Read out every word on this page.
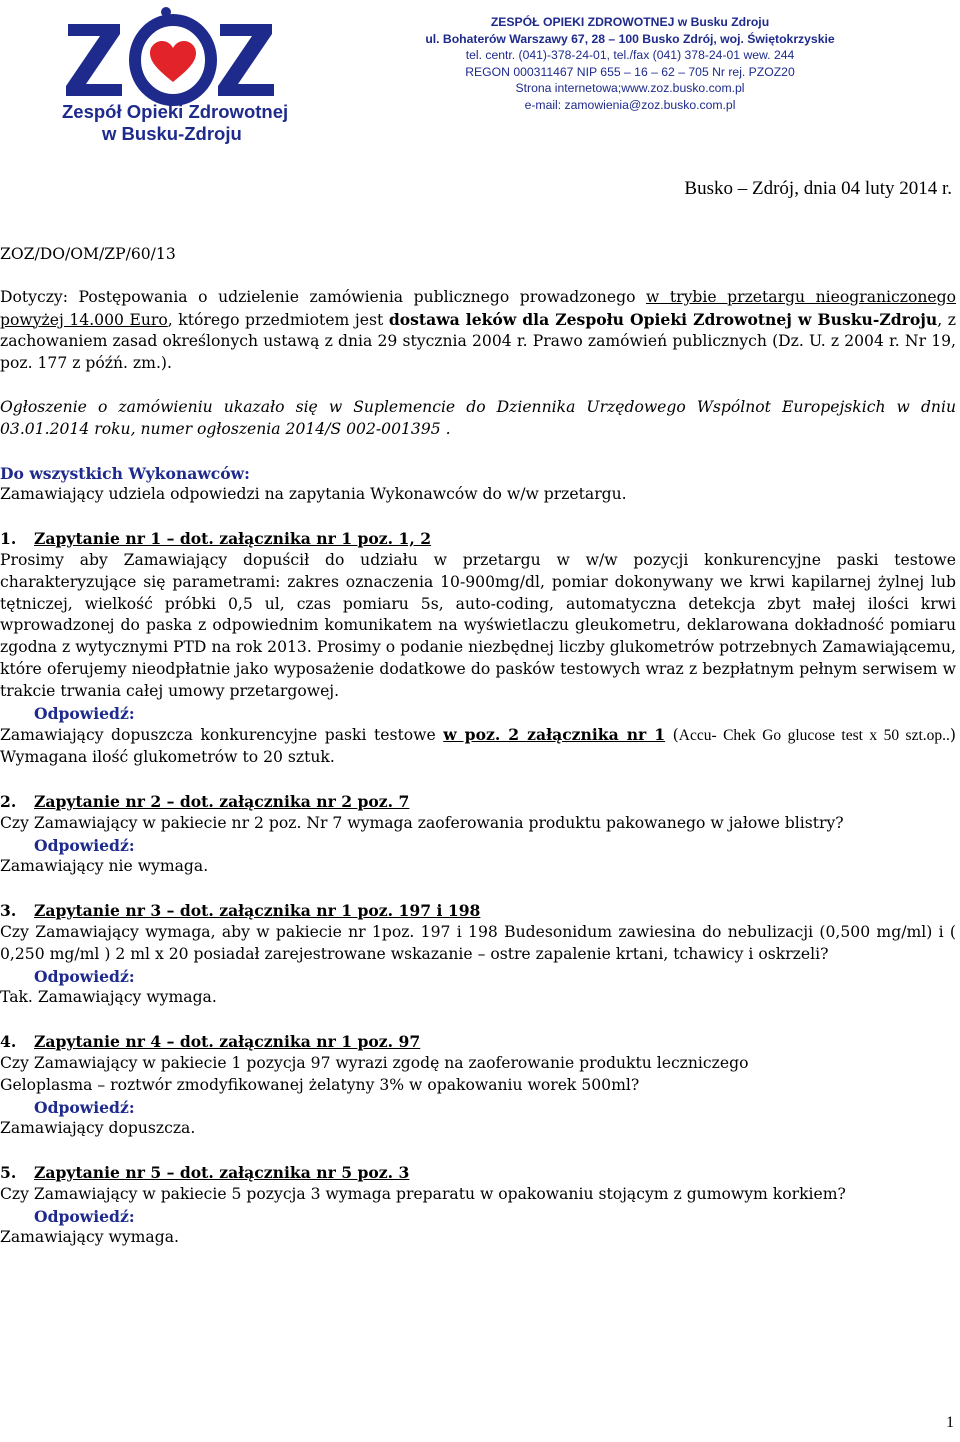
Zespół Opieki Zdrowotnej
w Busku-Zdroju
ZESPÓŁ OPIEKI ZDROWOTNEJ w Busku Zdroju
ul. Bohaterów Warszawy 67, 28 – 100 Busko Zdrój, woj. Świętokrzyskie
tel. centr. (041)-378-24-01, tel./fax (041) 378-24-01 wew. 244
REGON 000311467 NIP 655 – 16 – 62 – 705 Nr rej. PZOZ20
Strona internetowa;www.zoz.busko.com.pl
e-mail: zamowienia@zoz.busko.com.pl
Busko – Zdrój, dnia 04 luty 2014 r.

ZOZ/DO/OM/ZP/60/13

Dotyczy: Postępowania o udzielenie zamówienia publicznego prowadzonego w trybie przetargu nieograniczonego powyżej 14.000 Euro, którego przedmiotem jest dostawa leków dla Zespołu Opieki Zdrowotnej w Busku-Zdroju, z zachowaniem zasad określonych ustawą z dnia 29 stycznia 2004 r. Prawo zamówień publicznych (Dz. U. z 2004 r. Nr 19, poz. 177 z późń. zm.).

Ogłoszenie o zamówieniu ukazało się w Suplemencie do Dziennika Urzędowego Wspólnot Europejskich w dniu 03.01.2014 roku, numer ogłoszenia 2014/S 002-001395 .

Do wszystkich Wykonawców:

Zamawiający udziela odpowiedzi na zapytania Wykonawców do w/w przetargu.

1. Zapytanie nr 1 – dot. załącznika nr 1 poz. 1, 2

Prosimy aby Zamawiający dopuścił do udziału w przetargu w w/w pozycji konkurencyjne paski testowe charakteryzujące się parametrami: zakres oznaczenia 10-900mg/dl, pomiar dokonywany we krwi kapilarnej żylnej lub tętniczej, wielkość próbki 0,5 ul, czas pomiaru 5s, auto-coding, automatyczna detekcja zbyt małej ilości krwi wprowadzonej do paska z odpowiednim komunikatem na wyświetlaczu gleukometru, deklarowana dokładność pomiaru zgodna z wytycznymi PTD na rok 2013. Prosimy o podanie niezbędnej liczby glukometrów potrzebnych Zamawiającemu, które oferujemy nieodpłatnie jako wyposażenie dodatkowe do pasków testowych wraz z bezpłatnym pełnym serwisem w trakcie trwania całej umowy przetargowej.

Odpowiedź:

Zamawiający dopuszcza konkurencyjne paski testowe w poz. 2 załącznika nr 1 (Accu- Chek Go glucose test x 50 szt.op..) Wymagana ilość glukometrów to 20 sztuk.

2. Zapytanie nr 2 – dot. załącznika nr 2 poz. 7

Czy Zamawiający w pakiecie nr 2 poz. Nr 7 wymaga zaoferowania produktu pakowanego w jałowe blistry?

Odpowiedź:

Zamawiający nie wymaga.

3. Zapytanie nr 3 – dot. załącznika nr 1 poz. 197 i 198

Czy Zamawiający wymaga, aby w pakiecie nr 1poz. 197 i 198 Budesonidum zawiesina do nebulizacji (0,500 mg/ml) i ( 0,250 mg/ml ) 2 ml x 20 posiadał zarejestrowane wskazanie – ostre zapalenie krtani, tchawicy i oskrzeli?

Odpowiedź:

Tak. Zamawiający wymaga.

4. Zapytanie nr 4 – dot. załącznika nr 1 poz. 97

Czy Zamawiający w pakiecie 1 pozycja 97 wyrazi zgodę na zaoferowanie produktu leczniczego

Geloplasma – roztwór zmodyfikowanej żelatyny 3% w opakowaniu worek 500ml?

Odpowiedź:

Zamawiający dopuszcza.

5. Zapytanie nr 5 – dot. załącznika nr 5 poz. 3

Czy Zamawiający w pakiecie 5 pozycja 3 wymaga preparatu w opakowaniu stojącym z gumowym korkiem?

Odpowiedź:

Zamawiający wymaga.

1
